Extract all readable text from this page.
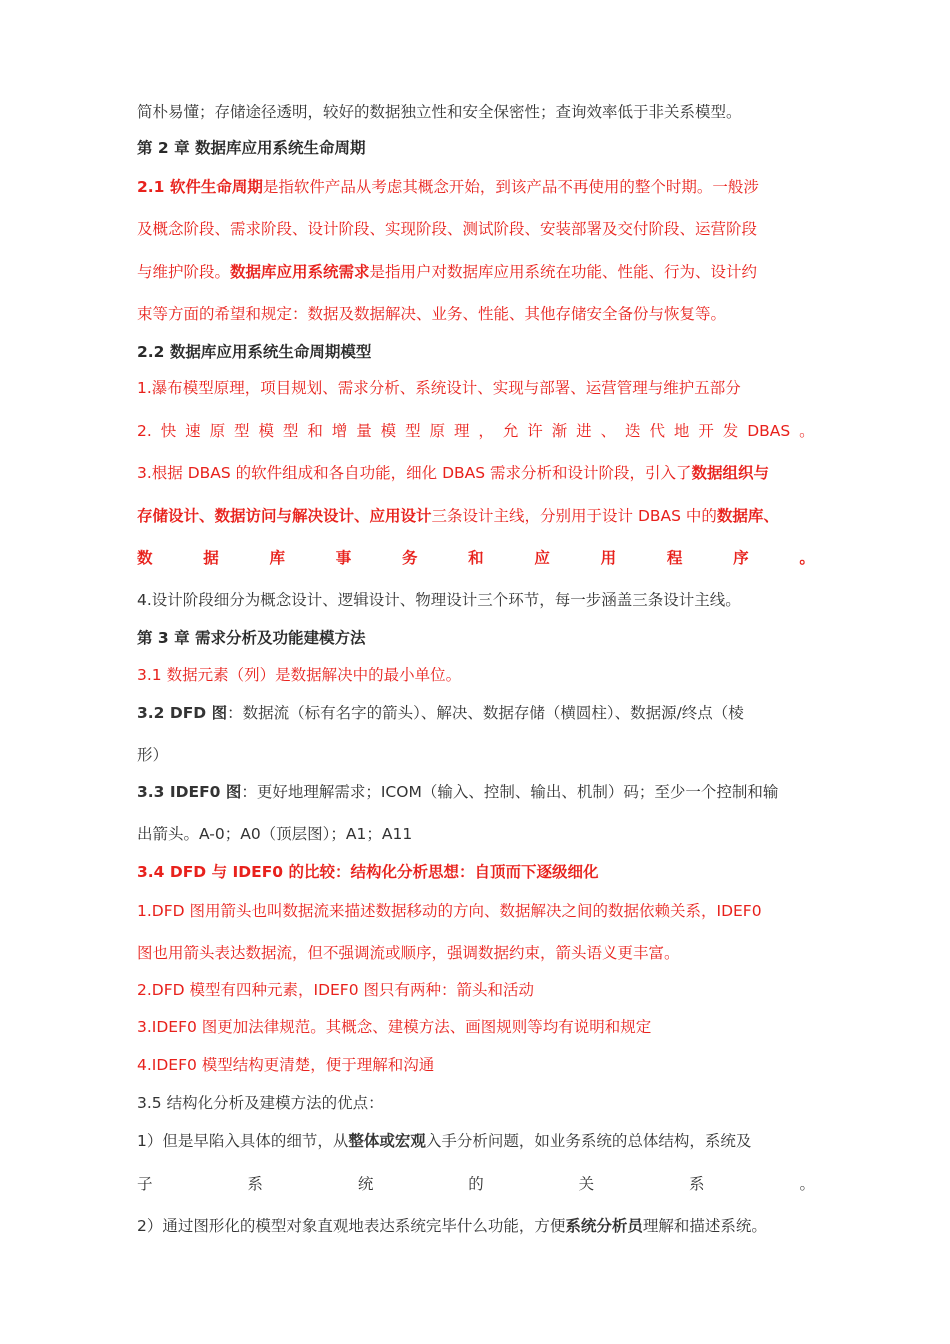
简朴易懂；存储途径透明，较好的数据独立性和安全保密性；查询效率低于非关系模型。
第 2 章 数据库应用系统生命周期
2.1 软件生命周期是指软件产品从考虑其概念开始，到该产品不再使用的整个时期。一般涉
及概念阶段、需求阶段、设计阶段、实现阶段、测试阶段、安装部署及交付阶段、运营阶段
与维护阶段。数据库应用系统需求是指用户对数据库应用系统在功能、性能、行为、设计约
束等方面的希望和规定：数据及数据解决、业务、性能、其他存储安全备份与恢复等。
2.2 数据库应用系统生命周期模型
1.瀑布模型原理，项目规划、需求分析、系统设计、实现与部署、运营管理与维护五部分
2. 快 速 原 型 模 型 和 增 量 模 型 原 理 ， 允 许 渐 进 、 迭 代 地 开 发 DBAS 。
3.根据 DBAS 的软件组成和各自功能，细化 DBAS 需求分析和设计阶段，引入了数据组织与
存储设计、数据访问与解决设计、应用设计三条设计主线，分别用于设计 DBAS 中的数据库、
数	据	库	事	务	和	应	用	程	序	。
4.设计阶段细分为概念设计、逻辑设计、物理设计三个环节，每一步涵盖三条设计主线。
第 3 章 需求分析及功能建模方法
3.1 数据元素（列）是数据解决中的最小单位。
3.2 DFD 图：数据流（标有名字的箭头）、解决、数据存储（横圆柱）、数据源/终点（棱
形）
3.3 IDEF0 图：更好地理解需求；ICOM（输入、控制、输出、机制）码；至少一个控制和输
出箭头。A-0；A0（顶层图）；A1；A11
3.4 DFD 与 IDEF0 的比较：结构化分析思想：自顶而下逐级细化
1.DFD 图用箭头也叫数据流来描述数据移动的方向、数据解决之间的数据依赖关系，IDEF0
图也用箭头表达数据流，但不强调流或顺序，强调数据约束，箭头语义更丰富。
2.DFD 模型有四种元素，IDEF0 图只有两种：箭头和活动
3.IDEF0 图更加法律规范。其概念、建模方法、画图规则等均有说明和规定
4.IDEF0 模型结构更清楚，便于理解和沟通
3.5 结构化分析及建模方法的优点：
1）但是早陷入具体的细节，从整体或宏观入手分析问题，如业务系统的总体结构，系统及
子	系	统	的	关	系	。
2）通过图形化的模型对象直观地表达系统完毕什么功能，方便系统分析员理解和描述系统。
